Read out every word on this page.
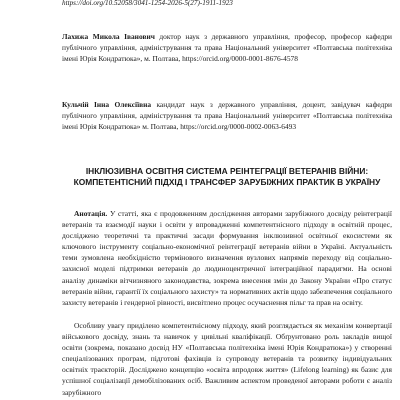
https://doi.org/10.52058/3041-1254-2026-5(27)-1911-1923
Лахижа Микола Іванович доктор наук з державного управління, професор, професор кафедри публічного управління, адміністрування та права Національний університет «Полтавська політехніка імені Юрія Кондратюка», м. Полтава, https://orcid.org/0000-0001-8676-4578
Кульчій Інна Олексіївна кандидат наук з державного управління, доцент, завідувач кафедри публічного управління, адміністрування та права Національний університет «Полтавська політехніка імені Юрія Кондратюка» м. Полтава, https://orcid.org/0000-0002-0063-6493
ІНКЛЮЗИВНА ОСВІТНЯ СИСТЕМА РЕІНТЕГРАЦІЇ ВЕТЕРАНІВ ВІЙНИ: КОМПЕТЕНТІСНИЙ ПІДХІД І ТРАНСФЕР ЗАРУБІЖНИХ ПРАКТИК В УКРАЇНУ
Анотація. У статті, яка є продовженням дослідження авторами зарубіжного досвіду реінтеграції ветеранів та взаємодії науки і освіти у впровадженні компетентнісного підходу в освітній процес, досліджено теоретичні та практичні засади формування інклюзивної освітньої екосистеми як ключового інструменту соціально-економічної реінтеграції ветеранів війни в Україні. Актуальність теми зумовлена необхідністю термінового визначення вузлових напрямів переходу від соціально-захисної моделі підтримки ветеранів до людиноцентричної інтеграційної парадигми. На основі аналізу динаміки вітчизняного законодавства, зокрема внесення змін до Закону України «Про статус ветеранів війни, гарантії їх соціального захисту» та нормативних актів щодо забезпечення соціального захисту ветеранів і гендерної рівності, висвітлено процес осучаснення пільг та прав на освіту.
Особливу увагу приділено компетентнісному підходу, який розглядається як механізм конвертації військового досвіду, знань та навичок у цивільні кваліфікації. Обґрунтовано роль закладів вищої освіти (зокрема, показано досвід НУ «Полтавська політехніка імені Юрія Кондратюка») у створенні спеціалізованих програм, підготові фахівців із супроводу ветеранів та розвитку індивідуальних освітніх траєкторій. Досліджено концепцію «освіта впродовж життя» (Lifelong learning) як базис для успішної соціалізації демобілізованих осіб. Важливим аспектом проведеної авторами роботи є аналіз зарубіжного
